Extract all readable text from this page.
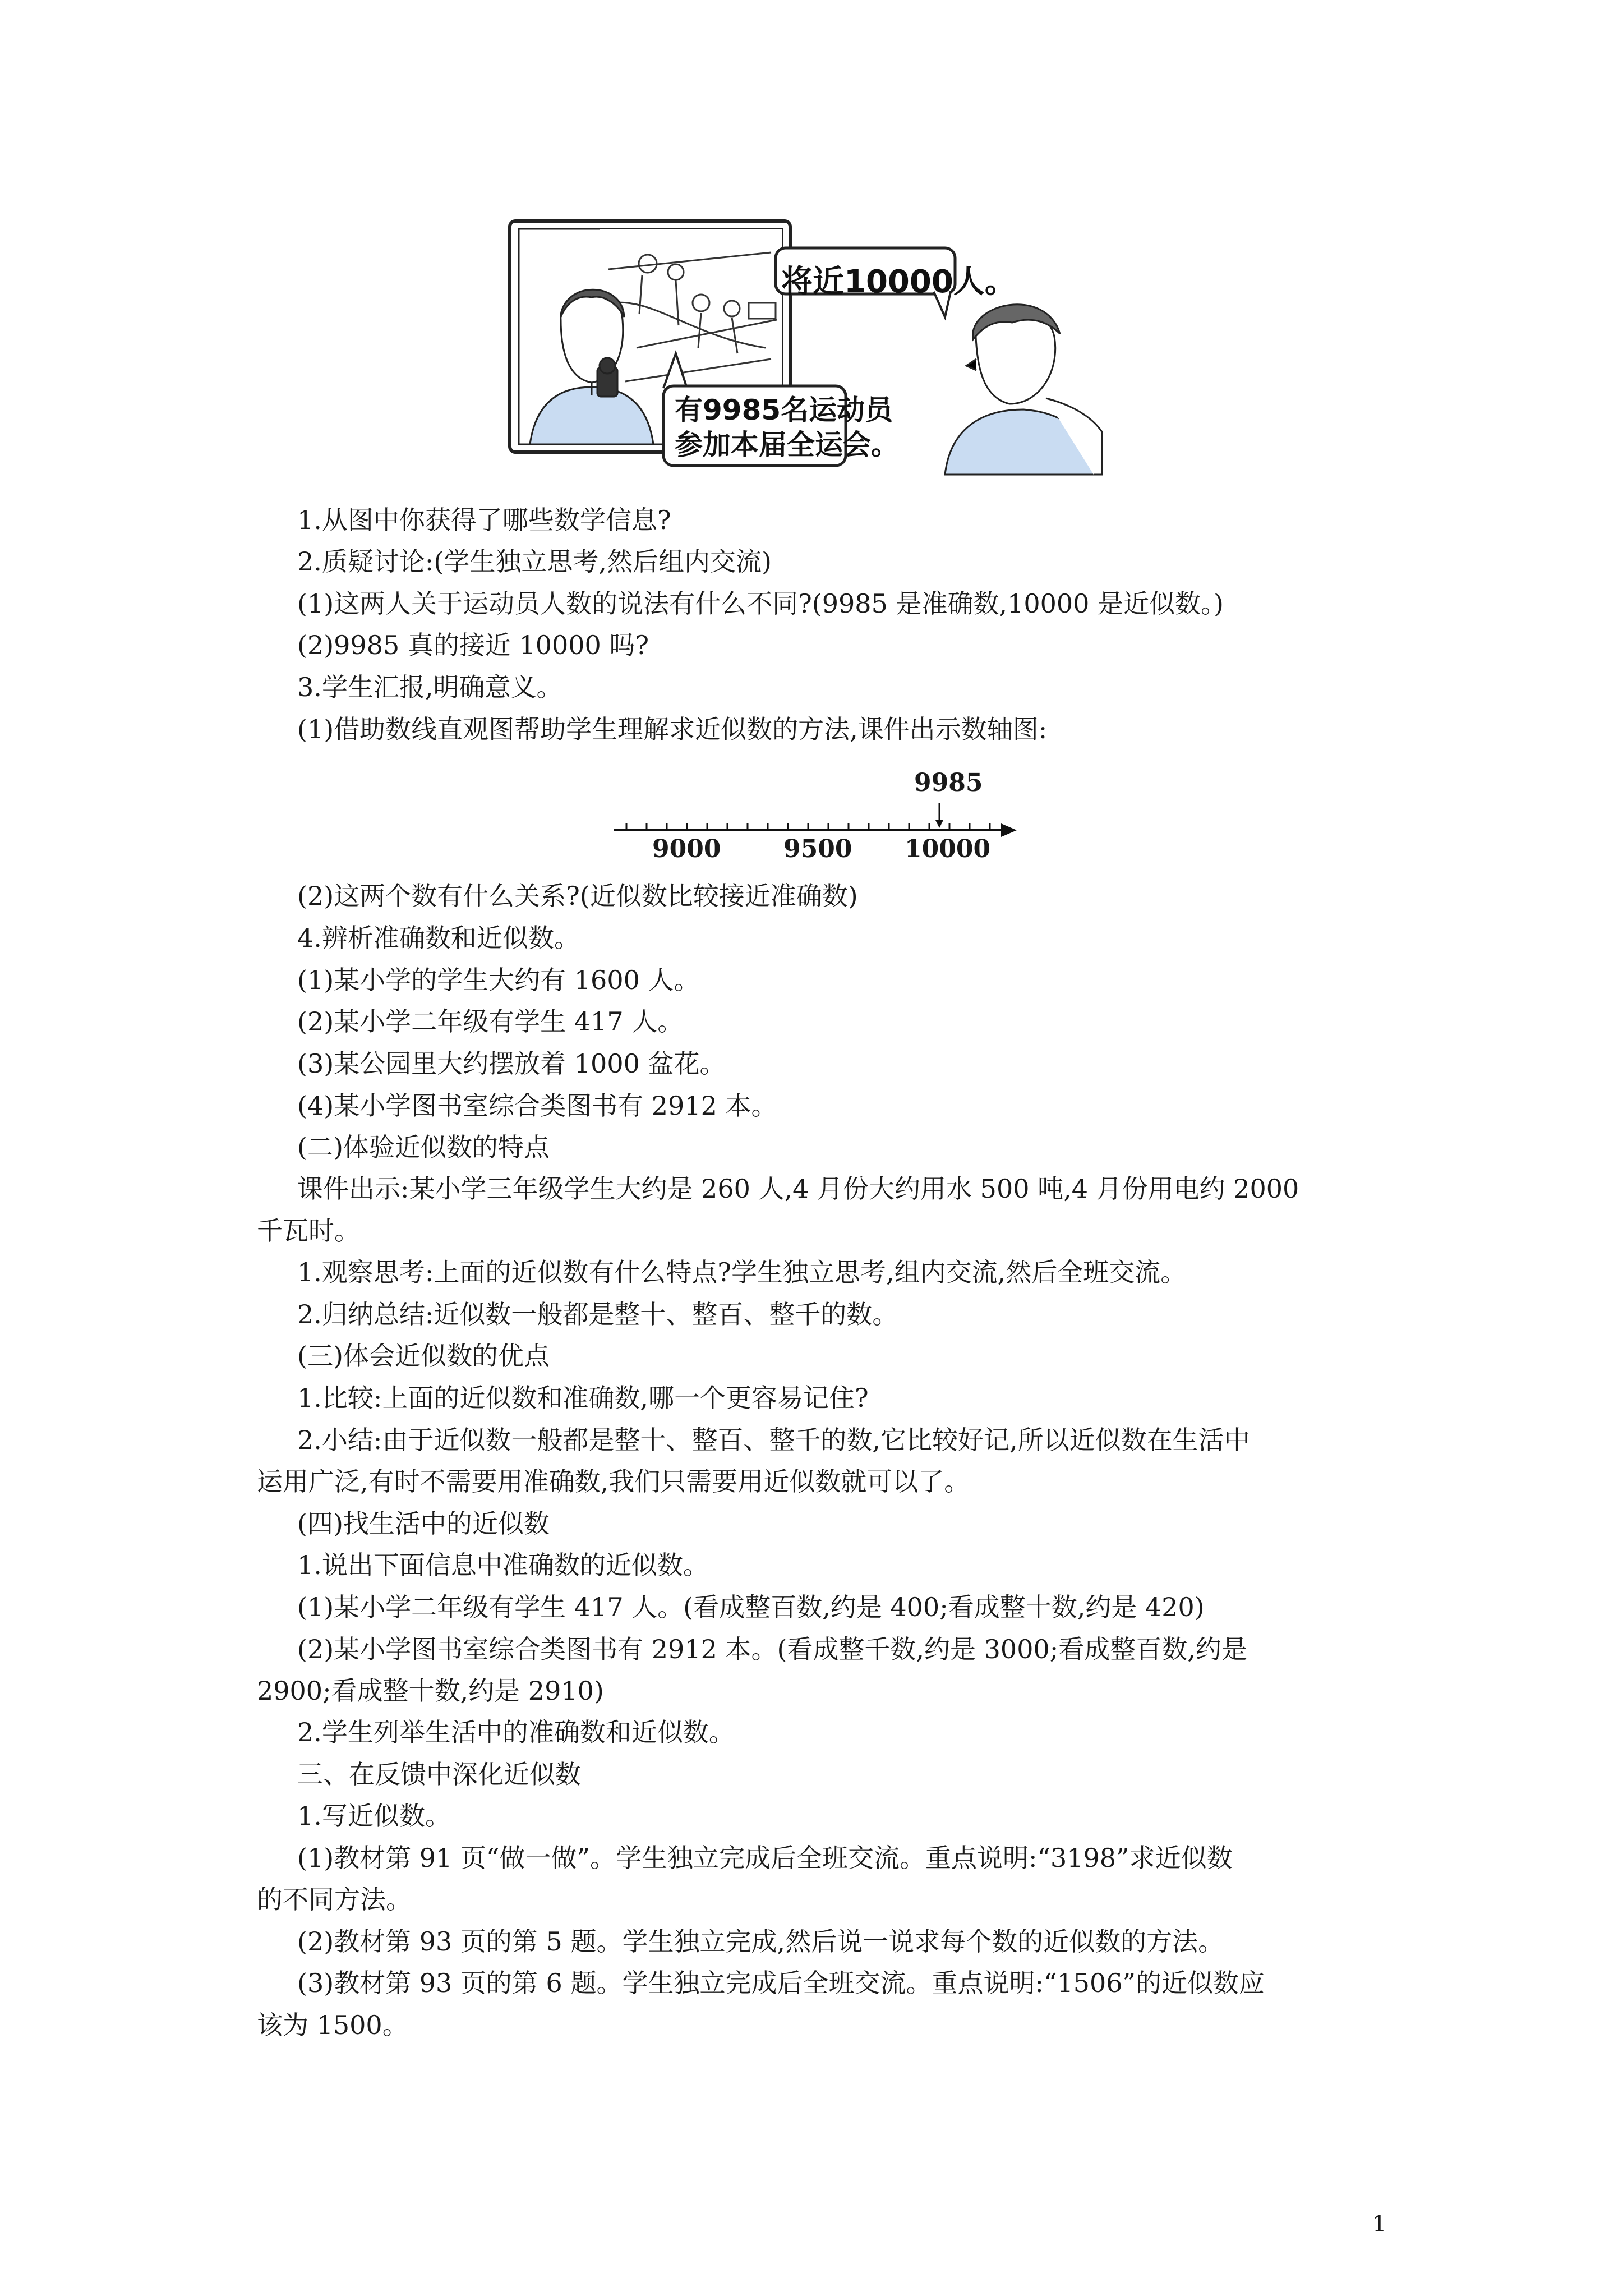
将近10000人。
有9985名运动员
参加本届全运会。
1.从图中你获得了哪些数学信息?
2.质疑讨论:(学生独立思考,然后组内交流)
(1)这两人关于运动员人数的说法有什么不同?(9985 是准确数,10000 是近似数。)
(2)9985 真的接近 10000 吗?
3.学生汇报,明确意义。
(1)借助数线直观图帮助学生理解求近似数的方法,课件出示数轴图:
9985
9000	9500 10000
(2)这两个数有什么关系?(近似数比较接近准确数)
4.辨析准确数和近似数。
(1)某小学的学生大约有 1600 人。
(2)某小学二年级有学生 417 人。
(3)某公园里大约摆放着 1000 盆花。
(4)某小学图书室综合类图书有 2912 本。
(二)体验近似数的特点
课件出示:某小学三年级学生大约是 260 人,4 月份大约用水 500 吨,4 月份用电约 2000
千瓦时。
1.观察思考:上面的近似数有什么特点?学生独立思考,组内交流,然后全班交流。
2.归纳总结:近似数一般都是整十、整百、整千的数。
(三)体会近似数的优点
1.比较:上面的近似数和准确数,哪一个更容易记住?
2.小结:由于近似数一般都是整十、整百、整千的数,它比较好记,所以近似数在生活中
运用广泛,有时不需要用准确数,我们只需要用近似数就可以了。
(四)找生活中的近似数
1.说出下面信息中准确数的近似数。
(1)某小学二年级有学生 417 人。(看成整百数,约是 400;看成整十数,约是 420)
(2)某小学图书室综合类图书有 2912 本。(看成整千数,约是 3000;看成整百数,约是
2900;看成整十数,约是 2910)
2.学生列举生活中的准确数和近似数。
三、在反馈中深化近似数
1.写近似数。
(1)教材第 91 页“做一做”。学生独立完成后全班交流。重点说明:“3198”求近似数
的不同方法。
(2)教材第 93 页的第 5 题。学生独立完成,然后说一说求每个数的近似数的方法。
(3)教材第 93 页的第 6 题。学生独立完成后全班交流。重点说明:“1506”的近似数应
该为 1500。
1
